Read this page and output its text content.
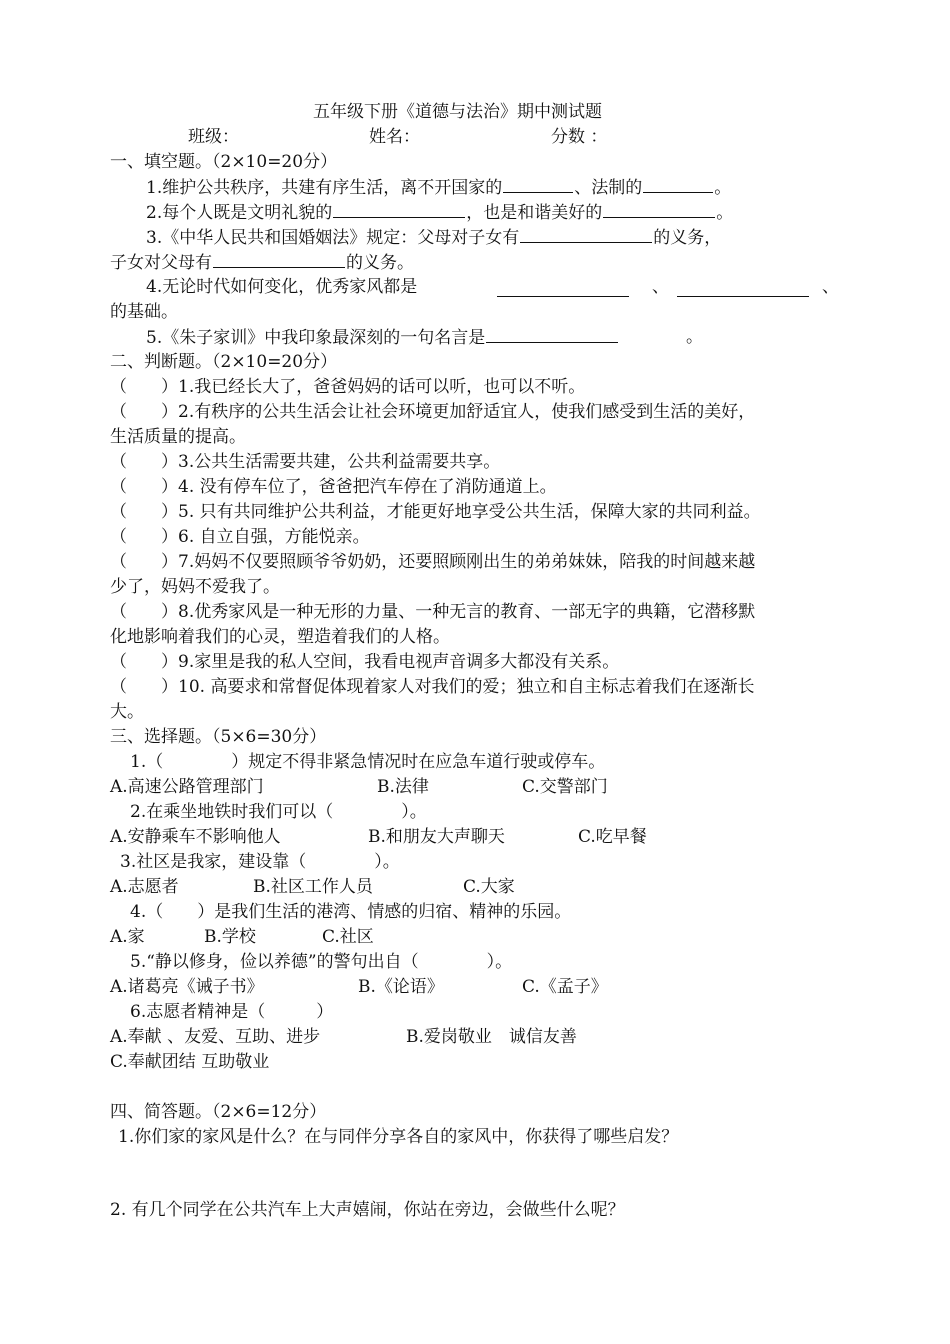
五年级下册《道德与法治》期中测试题
班级：	姓名：	分数 ：
一、填空题。（2×10=20分）
1.维护公共秩序，共建有序生活，离不开国家的	、法制的	。
2.每个人既是文明礼貌的	，也是和谐美好的	。
3.《中华人民共和国婚姻法》规定：父母对子女有	的义务，
子女对父母有	的义务。
4.无论时代如何变化，优秀家风都是	、	、
的基础。
5.《朱子家训》中我印象最深刻的一句名言是	。
二、判断题。（2×10=20分）
（　　）1.我已经长大了，爸爸妈妈的话可以听，也可以不听。
（　　）2.有秩序的公共生活会让社会环境更加舒适宜人，使我们感受到生活的美好，
生活质量的提高。
（　　）3.公共生活需要共建，公共利益需要共享。
（　　）4. 没有停车位了，爸爸把汽车停在了消防通道上。
（　　）5. 只有共同维护公共利益，才能更好地享受公共生活，保障大家的共同利益。
（　　）6. 自立自强，方能悦亲。
（　　）7.妈妈不仅要照顾爷爷奶奶，还要照顾刚出生的弟弟妹妹，陪我的时间越来越
少了，妈妈不爱我了。
（　　）8.优秀家风是一种无形的力量、一种无言的教育、一部无字的典籍，它潜移默
化地影响着我们的心灵，塑造着我们的人格。
（　　）9.家里是我的私人空间，我看电视声音调多大都没有关系。
（　　）10. 高要求和常督促体现着家人对我们的爱；独立和自主标志着我们在逐渐长
大。
三、选择题。（5×6=30分）
1.（　　　　）规定不得非紧急情况时在应急车道行驶或停车。
A.高速公路管理部门	B.法律	C.交警部门
2.在乘坐地铁时我们可以（　　　　）。
A.安静乘车不影响他人	B.和朋友大声聊天	C.吃早餐
3.社区是我家，建设靠（　　　　）。
A.志愿者	B.社区工作人员	C.大家
4.（　　）是我们生活的港湾、情感的归宿、精神的乐园。
A.家	B.学校	C.社区
5.“静以修身，俭以养德”的警句出自（　　　　）。
A.诸葛亮《诫子书》	B.《论语》	C.《孟子》
6.志愿者精神是（　　　）
A.奉献 、友爱、互助、进步	B.爱岗敬业　诚信友善
C.奉献团结 互助敬业
四、简答题。（2×6=12分）
1.你们家的家风是什么？在与同伴分享各自的家风中，你获得了哪些启发？
2. 有几个同学在公共汽车上大声嬉闹，你站在旁边，会做些什么呢？
